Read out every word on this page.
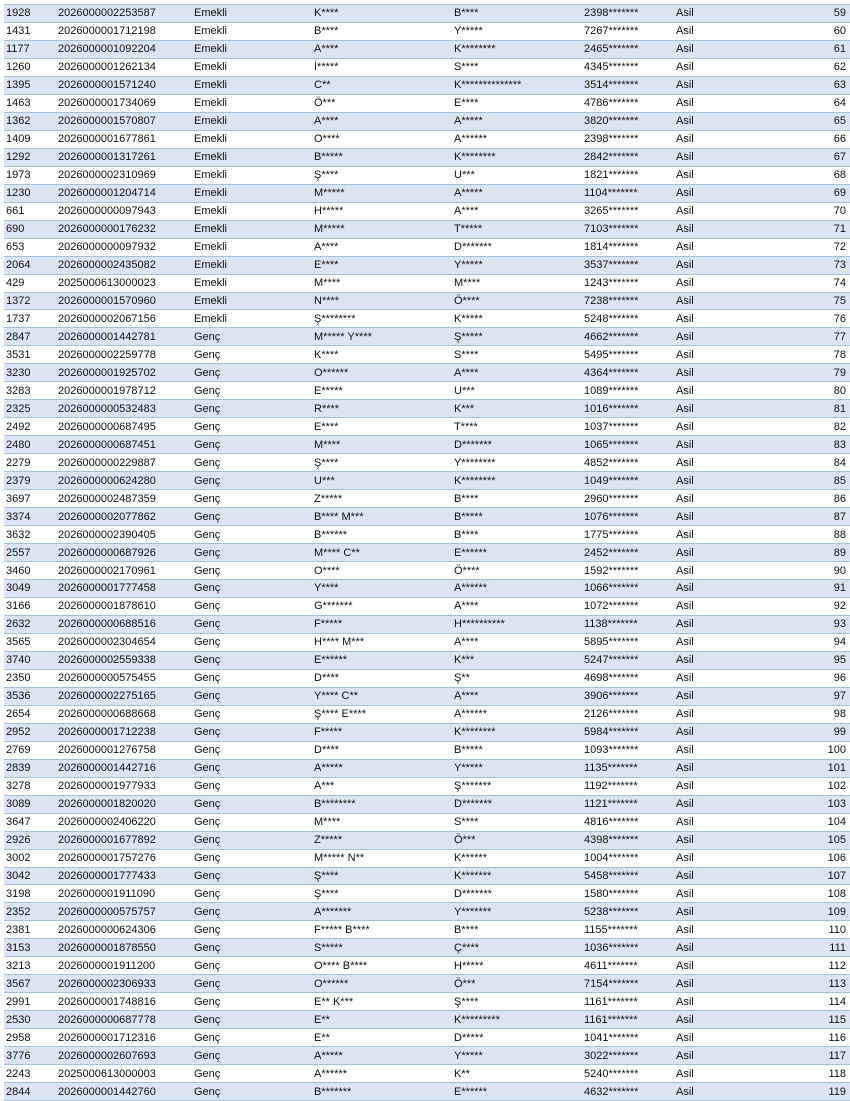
1928	2026000002253587	Emekli	K****	B****	2398*******	Asil	59
1431	2026000001712198	Emekli	B****	Y*****	7267*******	Asil	60
1177	2026000001092204	Emekli	A****	K********	2465*******	Asil	61
1260	2026000001262134	Emekli	İ*****	S****	4345*******	Asil	62
1395	2026000001571240	Emekli	C**	K**************	3514*******	Asil	63
1463	2026000001734069	Emekli	Ö***	E****	4786*******	Asil	64
1362	2026000001570807	Emekli	A****	A*****	3820*******	Asil	65
1409	2026000001677861	Emekli	O****	A******	2398*******	Asil	66
1292	2026000001317261	Emekli	B*****	K********	2842*******	Asil	67
1973	2026000002310969	Emekli	Ş****	U***	1821*******	Asil	68
1230	2026000001204714	Emekli	M*****	A*****	1104*******	Asil	69
661	2026000000097943	Emekli	H*****	A****	3265*******	Asil	70
690	2026000000176232	Emekli	M*****	T*****	7103*******	Asil	71
653	2026000000097932	Emekli	A****	D*******	1814*******	Asil	72
2064	2026000002435082	Emekli	E****	Y*****	3537*******	Asil	73
429	2025000613000023	Emekli	M****	M****	1243*******	Asil	74
1372	2026000001570960	Emekli	N****	Ö****	7238*******	Asil	75
1737	2026000002067156	Emekli	Ş********	K*****	5248*******	Asil	76
2847	2026000001442781	Genç	M***** Y****	Ş*****	4662*******	Asil	77
3531	2026000002259778	Genç	K****	S****	5495*******	Asil	78
3230	2026000001925702	Genç	O******	A****	4364*******	Asil	79
3283	2026000001978712	Genç	E*****	U***	1089*******	Asil	80
2325	2026000000532483	Genç	R****	K***	1016*******	Asil	81
2492	2026000000687495	Genç	E****	T****	1037*******	Asil	82
2480	2026000000687451	Genç	M****	D*******	1065*******	Asil	83
2279	2026000000229887	Genç	Ş****	Y********	4852*******	Asil	84
2379	2026000000624280	Genç	U***	K********	1049*******	Asil	85
3697	2026000002487359	Genç	Z*****	B****	2960*******	Asil	86
3374	2026000002077862	Genç	B**** M***	B*****	1076*******	Asil	87
3632	2026000002390405	Genç	B******	B****	1775*******	Asil	88
2557	2026000000687926	Genç	M**** C**	E******	2452*******	Asil	89
3460	2026000002170961	Genç	O****	Ö****	1592*******	Asil	90
3049	2026000001777458	Genç	Y****	A******	1066*******	Asil	91
3166	2026000001878610	Genç	G*******	A****	1072*******	Asil	92
2632	2026000000688516	Genç	F*****	H**********	1138*******	Asil	93
3565	2026000002304654	Genç	H**** M***	A****	5895*******	Asil	94
3740	2026000002559338	Genç	E******	K***	5247*******	Asil	95
2350	2026000000575455	Genç	D****	Ş**	4698*******	Asil	96
3536	2026000002275165	Genç	Y**** C**	A****	3906*******	Asil	97
2654	2026000000688668	Genç	Ş**** E****	A******	2126*******	Asil	98
2952	2026000001712238	Genç	F*****	K********	5984*******	Asil	99
2769	2026000001276758	Genç	D****	B*****	1093*******	Asil	100
2839	2026000001442716	Genç	A*****	Y*****	1135*******	Asil	101
3278	2026000001977933	Genç	A***	Ş*******	1192*******	Asil	102
3089	2026000001820020	Genç	B********	D*******	1121*******	Asil	103
3647	2026000002406220	Genç	M****	S****	4816*******	Asil	104
2926	2026000001677892	Genç	Z*****	Ö***	4398*******	Asil	105
3002	2026000001757276	Genç	M***** N**	K******	1004*******	Asil	106
3042	2026000001777433	Genç	Ş****	K*******	5458*******	Asil	107
3198	2026000001911090	Genç	Ş****	D*******	1580*******	Asil	108
2352	2026000000575757	Genç	A*******	Y*******	5238*******	Asil	109
2381	2026000000624306	Genç	F***** B****	B****	1155*******	Asil	110
3153	2026000001878550	Genç	S*****	Ç****	1036*******	Asil	111
3213	2026000001911200	Genç	O**** B****	H*****	4611*******	Asil	112
3567	2026000002306933	Genç	O******	Ö***	7154*******	Asil	113
2991	2026000001748816	Genç	E** K***	Ş****	1161*******	Asil	114
2530	2026000000687778	Genç	E**	K*********	1161*******	Asil	115
2958	2026000001712316	Genç	E**	D*****	1041*******	Asil	116
3776	2026000002607693	Genç	A*****	Y*****	3022*******	Asil	117
2243	2025000613000003	Genç	A******	K**	5240*******	Asil	118
2844	2026000001442760	Genç	B*******	E******	4632*******	Asil	119
